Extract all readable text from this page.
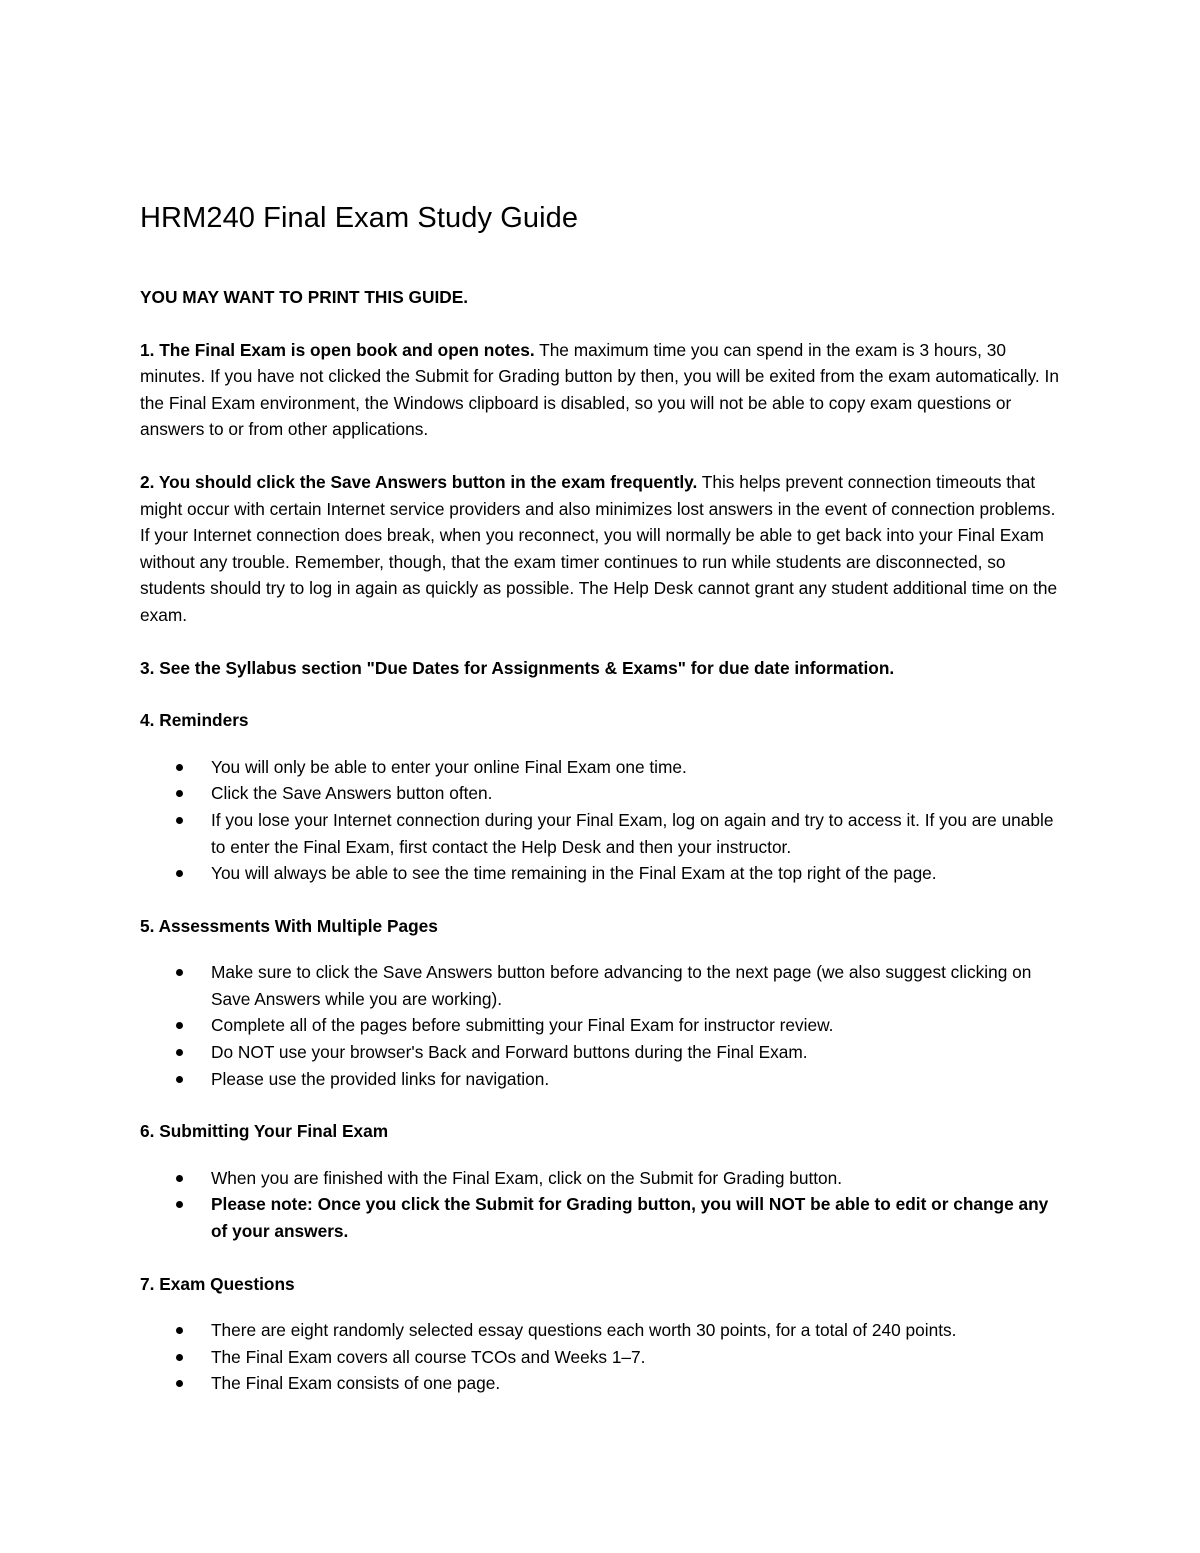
HRM240 Final Exam Study Guide

YOU MAY WANT TO PRINT THIS GUIDE.

1. The Final Exam is open book and open notes. The maximum time you can spend in the exam is 3 hours, 30 minutes. If you have not clicked the Submit for Grading button by then, you will be exited from the exam automatically. In the Final Exam environment, the Windows clipboard is disabled, so you will not be able to copy exam questions or answers to or from other applications.

2. You should click the Save Answers button in the exam frequently. This helps prevent connection timeouts that might occur with certain Internet service providers and also minimizes lost answers in the event of connection problems. If your Internet connection does break, when you reconnect, you will normally be able to get back into your Final Exam without any trouble. Remember, though, that the exam timer continues to run while students are disconnected, so students should try to log in again as quickly as possible. The Help Desk cannot grant any student additional time on the exam.

3. See the Syllabus section "Due Dates for Assignments & Exams" for due date information.

4. Reminders

You will only be able to enter your online Final Exam one time.
Click the Save Answers button often.
If you lose your Internet connection during your Final Exam, log on again and try to access it. If you are unable to enter the Final Exam, first contact the Help Desk and then your instructor.
You will always be able to see the time remaining in the Final Exam at the top right of the page.

5. Assessments With Multiple Pages

Make sure to click the Save Answers button before advancing to the next page (we also suggest clicking on Save Answers while you are working).
Complete all of the pages before submitting your Final Exam for instructor review.
Do NOT use your browser's Back and Forward buttons during the Final Exam.
Please use the provided links for navigation.

6. Submitting Your Final Exam

When you are finished with the Final Exam, click on the Submit for Grading button.
Please note: Once you click the Submit for Grading button, you will NOT be able to edit or change any of your answers.

7. Exam Questions

There are eight randomly selected essay questions each worth 30 points, for a total of 240 points.
The Final Exam covers all course TCOs and Weeks 1–7.
The Final Exam consists of one page.
